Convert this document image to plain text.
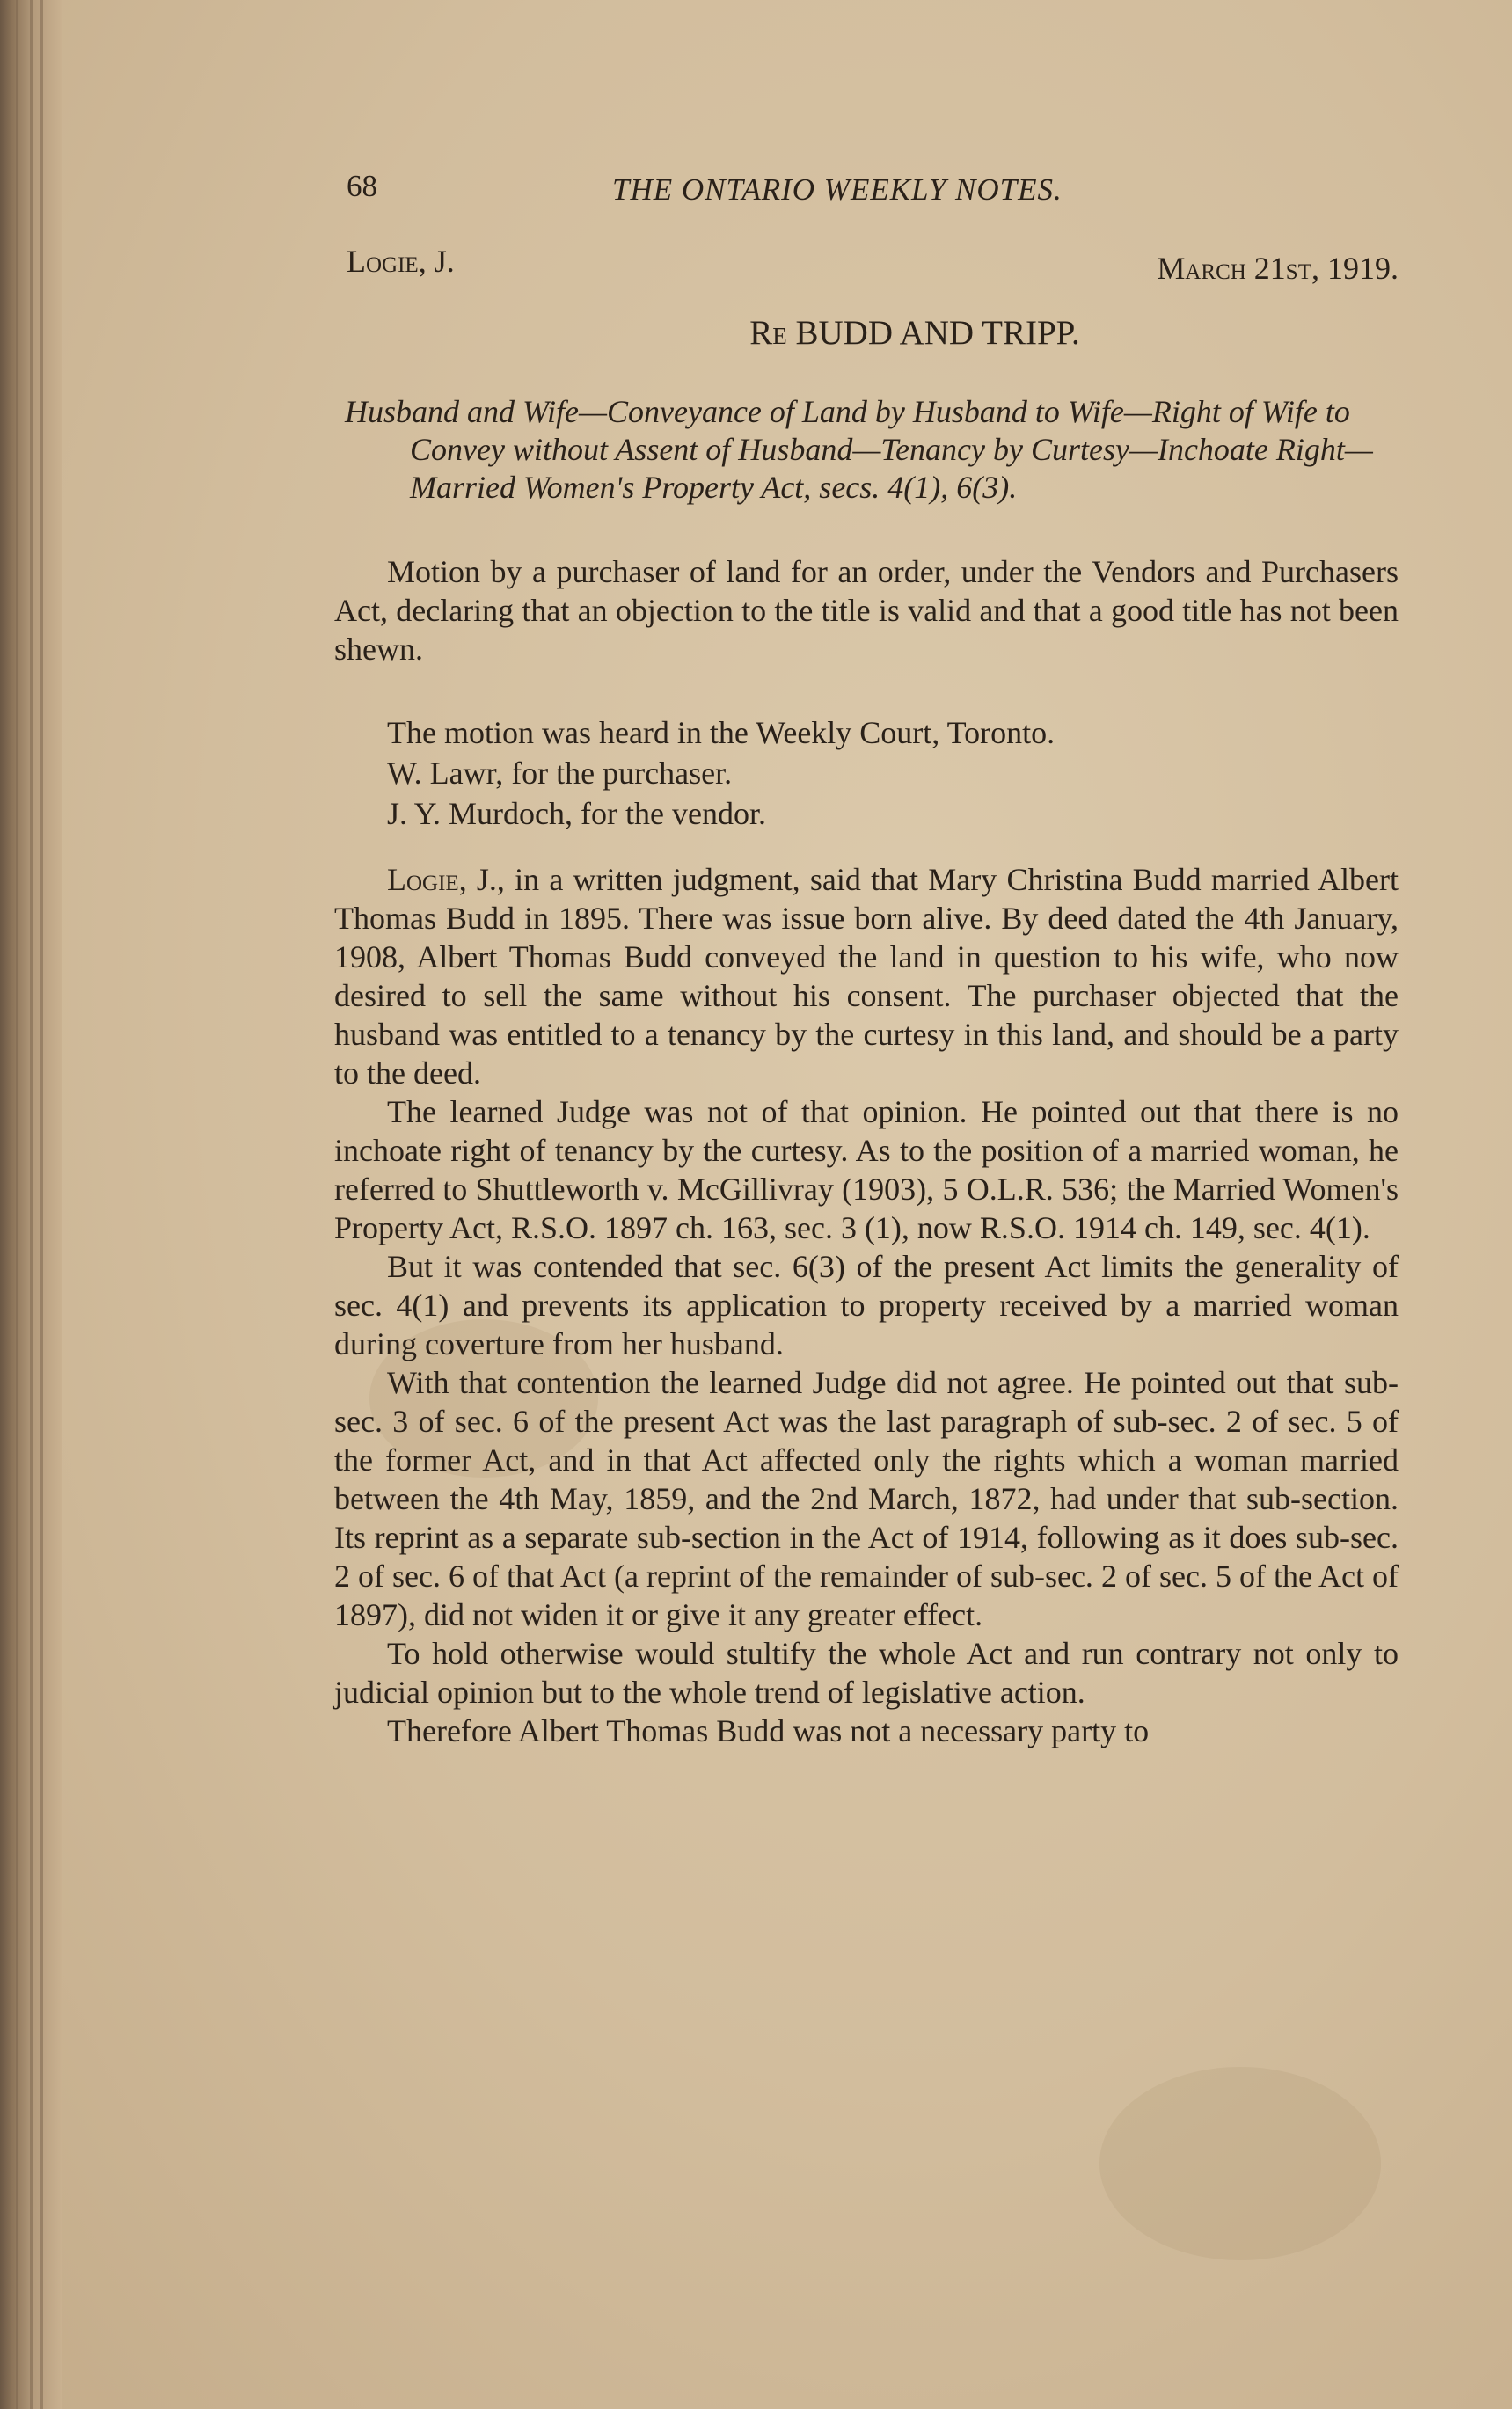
68	THE ONTARIO WEEKLY NOTES.
Logie, J.	March 21st, 1919.
Re BUDD AND TRIPP.
Husband and Wife—Conveyance of Land by Husband to Wife—Right of Wife to Convey without Assent of Husband—Tenancy by Curtesy—Inchoate Right—Married Women's Property Act, secs. 4(1), 6(3).

Motion by a purchaser of land for an order, under the Vendors and Purchasers Act, declaring that an objection to the title is valid and that a good title has not been shewn.

The motion was heard in the Weekly Court, Toronto.
W. Lawr, for the purchaser.
J. Y. Murdoch, for the vendor.

Logie, J., in a written judgment, said that Mary Christina Budd married Albert Thomas Budd in 1895. There was issue born alive. By deed dated the 4th January, 1908, Albert Thomas Budd conveyed the land in question to his wife, who now desired to sell the same without his consent. The purchaser objected that the husband was entitled to a tenancy by the curtesy in this land, and should be a party to the deed.

The learned Judge was not of that opinion. He pointed out that there is no inchoate right of tenancy by the curtesy. As to the position of a married woman, he referred to Shuttleworth v. McGillivray (1903), 5 O.L.R. 536; the Married Women's Property Act, R.S.O. 1897 ch. 163, sec. 3 (1), now R.S.O. 1914 ch. 149, sec. 4(1).

But it was contended that sec. 6(3) of the present Act limits the generality of sec. 4(1) and prevents its application to property received by a married woman during coverture from her husband.

With that contention the learned Judge did not agree. He pointed out that sub-sec. 3 of sec. 6 of the present Act was the last paragraph of sub-sec. 2 of sec. 5 of the former Act, and in that Act affected only the rights which a woman married between the 4th May, 1859, and the 2nd March, 1872, had under that sub-section. Its reprint as a separate sub-section in the Act of 1914, following as it does sub-sec. 2 of sec. 6 of that Act (a reprint of the remainder of sub-sec. 2 of sec. 5 of the Act of 1897), did not widen it or give it any greater effect.

To hold otherwise would stultify the whole Act and run contrary not only to judicial opinion but to the whole trend of legislative action.

Therefore Albert Thomas Budd was not a necessary party to
